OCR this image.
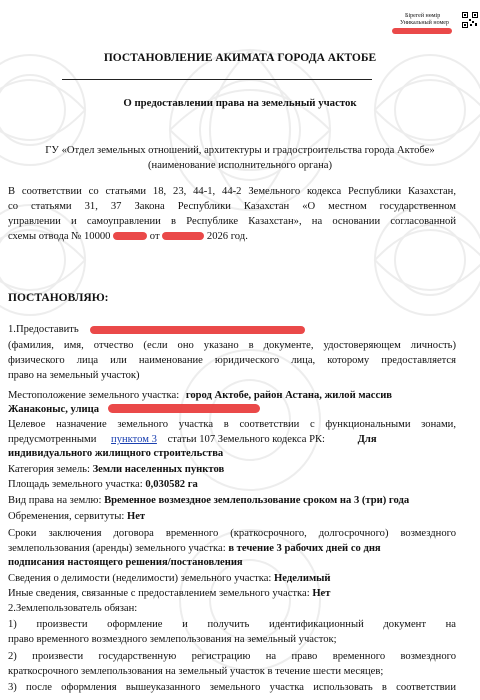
Бірегей нөмір
Уникальный номер
ПОСТАНОВЛЕНИЕ АКИМАТА ГОРОДА АКТОБЕ
О предоставлении права на земельный участок
ГУ «Отдел земельных отношений, архитектуры и градостроительства города Актобе»
(наименование исполнительного органа)
В соответствии со статьями 18, 23, 44-1, 44-2 Земельного кодекса Республики Казахстан,
со статьями 31, 37 Закона Республики Казахстан «О местном государственном
управлении и самоуправлении в Республике Казахстан», на основании согласованной
схемы отвода № 10000	от	2026 год.
ПОСТАНОВЛЯЮ:
1.Предоставить
(фамилия, имя, отчество (если оно указано в документе, удостоверяющем личность)
физического лица или наименование юридического лица, которому предоставляется
право на земельный участок)
Местоположение земельного участка: город Актобе, район Астана, жилой массив
Жанаконыс, улица
Целевое назначение земельного участка в соответствии с функциональными зонами,
предусмотренными пунктом 3 статьи 107 Земельного кодекса РК:	Для
индивидуального жилищного строительства
Категория земель: Земли населенных пунктов
Площадь земельного участка: 0,030582 га
Вид права на землю: Временное возмездное землепользование сроком на 3 (три) года
Обременения, сервитуты: Нет
Сроки заключения договора временного (краткосрочного, долгосрочного) возмездного
землепользования (аренды) земельного участка: в течение 3 рабочих дней со дня
подписания настоящего решения/постановления
Сведения о делимости (неделимости) земельного участка: Неделимый
Иные сведения, связанные с предоставлением земельного участка: Нет
2.Землепользователь обязан:
1) произвести оформление и получить идентификационный документ на
право временного возмездного землепользования на земельный участок;
2) произвести государственную регистрацию на право временного возмездного
краткосрочного землепользования на земельный участок в течение шести месяцев;
3) после оформления вышеуказанного земельного участка использовать в соответствии
